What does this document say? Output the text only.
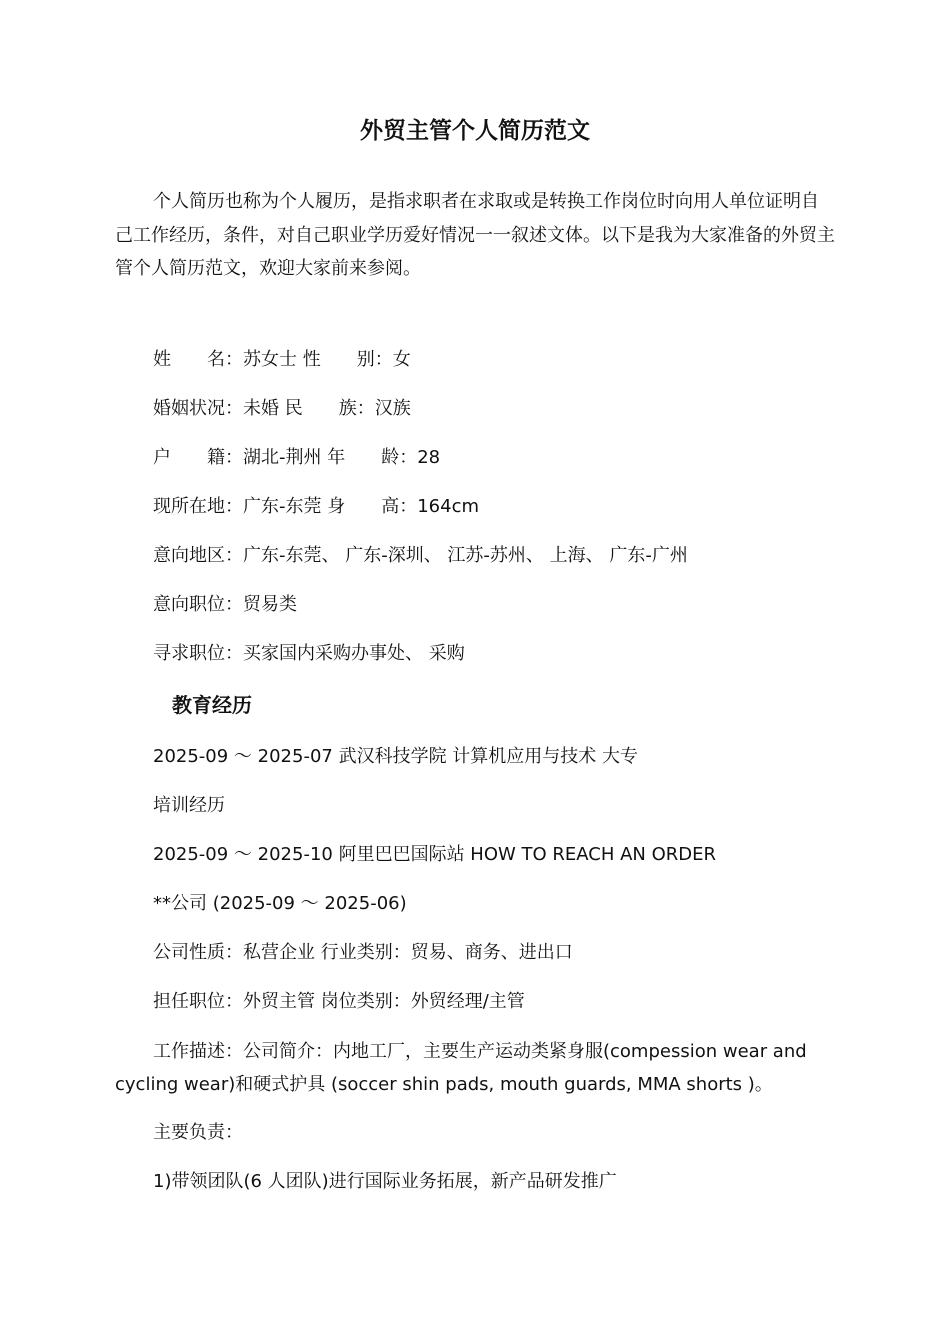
外贸主管个人简历范文

个人简历也称为个人履历，是指求职者在求取或是转换工作岗位时向用人单位证明自己工作经历，条件，对自己职业学历爱好情况一一叙述文体。以下是我为大家准备的外贸主管个人简历范文，欢迎大家前来参阅。

姓　　名：苏女士 性　　别：女
婚姻状况：未婚 民　　族：汉族
户　　籍：湖北-荆州 年　　龄：28
现所在地：广东-东莞 身　　高：164cm
意向地区：广东-东莞、 广东-深圳、 江苏-苏州、 上海、 广东-广州
意向职位：贸易类
寻求职位：买家国内采购办事处、 采购
教育经历
2025-09 ～ 2025-07 武汉科技学院 计算机应用与技术 大专
培训经历
2025-09 ～ 2025-10 阿里巴巴国际站 HOW TO REACH AN ORDER
**公司 (2025-09 ～ 2025-06)
公司性质：私营企业 行业类别：贸易、商务、进出口
担任职位：外贸主管 岗位类别：外贸经理/主管

工作描述：公司简介：内地工厂，主要生产运动类紧身服(compession wear and cycling wear)和硬式护具 (soccer shin pads, mouth guards, MMA shorts )。

主要负责：
1)带领团队(6 人团队)进行国际业务拓展，新产品研发推广
